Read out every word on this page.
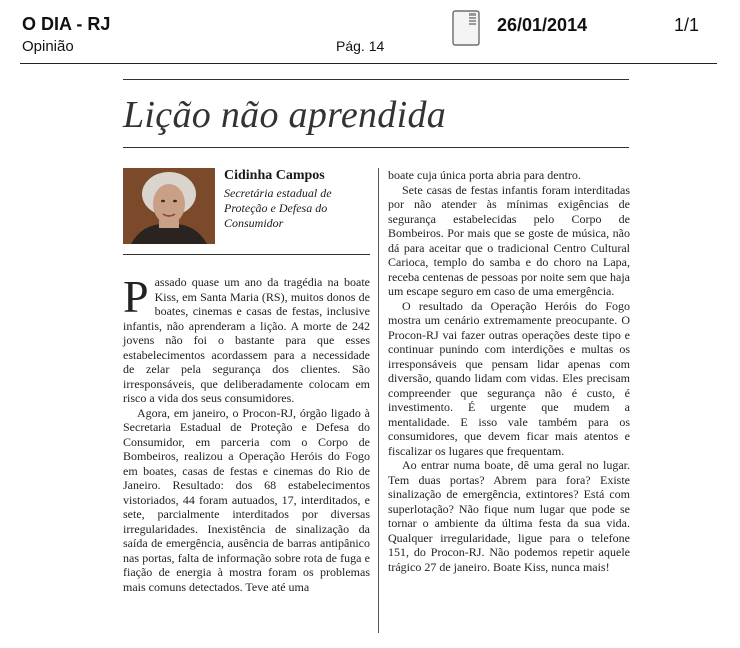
O DIA - RJ
Opinião	Pág. 14
26/01/2014	1/1
Lição não aprendida
Cidinha Campos
Secretária estadual de Proteção e Defesa do Consumidor

Passado quase um ano da tragédia na boate Kiss, em Santa Maria (RS), muitos donos de boates, cinemas e casas de festas, inclusive infantis, não aprenderam a lição. A morte de 242 jovens não foi o bastante para que esses estabelecimentos acordassem para a necessidade de zelar pela segurança dos clientes. São irresponsáveis, que deliberadamente colocam em risco a vida dos seus consumidores.

Agora, em janeiro, o Procon-RJ, órgão ligado à Secretaria Estadual de Proteção e Defesa do Consumidor, em parceria com o Corpo de Bombeiros, realizou a Operação Heróis do Fogo em boates, casas de festas e cinemas do Rio de Janeiro. Resultado: dos 68 estabelecimentos vistoriados, 44 foram autuados, 17, interditados, e sete, parcialmente interditados por diversas irregularidades. Inexistência de sinalização da saída de emergência, ausência de barras antipânico nas portas, falta de informação sobre rota de fuga e fiação de energia à mostra foram os problemas mais comuns detectados. Teve até uma

boate cuja única porta abria para dentro.

Sete casas de festas infantis foram interditadas por não atender às mínimas exigências de segurança estabelecidas pelo Corpo de Bombeiros. Por mais que se goste de música, não dá para aceitar que o tradicional Centro Cultural Carioca, templo do samba e do choro na Lapa, receba centenas de pessoas por noite sem que haja um escape seguro em caso de uma emergência.

O resultado da Operação Heróis do Fogo mostra um cenário extremamente preocupante. O Procon-RJ vai fazer outras operações deste tipo e continuar punindo com interdições e multas os irresponsáveis que pensam lidar apenas com diversão, quando lidam com vidas. Eles precisam compreender que segurança não é custo, é investimento. É urgente que mudem a mentalidade. E isso vale também para os consumidores, que devem ficar mais atentos e fiscalizar os lugares que frequentam.

Ao entrar numa boate, dê uma geral no lugar. Tem duas portas? Abrem para fora? Existe sinalização de emergência, extintores? Está com superlotação? Não fique num lugar que pode se tornar o ambiente da última festa da sua vida. Qualquer irregularidade, ligue para o telefone 151, do Procon-RJ. Não podemos repetir aquele trágico 27 de janeiro. Boate Kiss, nunca mais!
